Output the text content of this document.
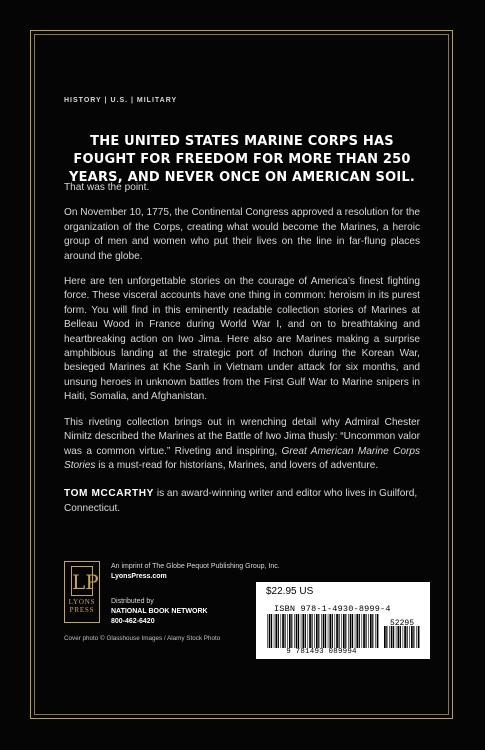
HISTORY | U.S. | MILITARY
THE UNITED STATES MARINE CORPS HAS FOUGHT FOR FREEDOM FOR MORE THAN 250 YEARS, AND NEVER ONCE ON AMERICAN SOIL.

That was the point.

On November 10, 1775, the Continental Congress approved a resolution for the organization of the Corps, creating what would become the Marines, a heroic group of men and women who put their lives on the line in far-flung places around the globe.

Here are ten unforgettable stories on the courage of America’s finest fighting force. These visceral accounts have one thing in common: heroism in its purest form. You will find in this eminently readable collection stories of Marines at Belleau Wood in France during World War I, and on to breathtaking and heartbreaking action on Iwo Jima. Here also are Marines making a surprise amphibious landing at the strategic port of Inchon during the Korean War, besieged Marines at Khe Sanh in Vietnam under attack for six months, and unsung heroes in unknown battles from the First Gulf War to Marine snipers in Haiti, Somalia, and Afghanistan.

This riveting collection brings out in wrenching detail why Admiral Chester Nimitz described the Marines at the Battle of Iwo Jima thusly: “Uncommon valor was a common virtue.” Riveting and inspiring, Great American Marine Corps Stories is a must-read for historians, Marines, and lovers of adventure.

TOM MCCARTHY is an award-winning writer and editor who lives in Guilford, Connecticut.

LP
LYONS
PRESS
An imprint of The Globe Pequot Publishing Group, Inc.
LyonsPress.com
Distributed by
NATIONAL BOOK NETWORK
800-462-6420
Cover photo © Glasshouse Images / Alamy Stock Photo
$22.95 US
ISBN 978-1-4930-8999-4
52295
9 781493 089994
